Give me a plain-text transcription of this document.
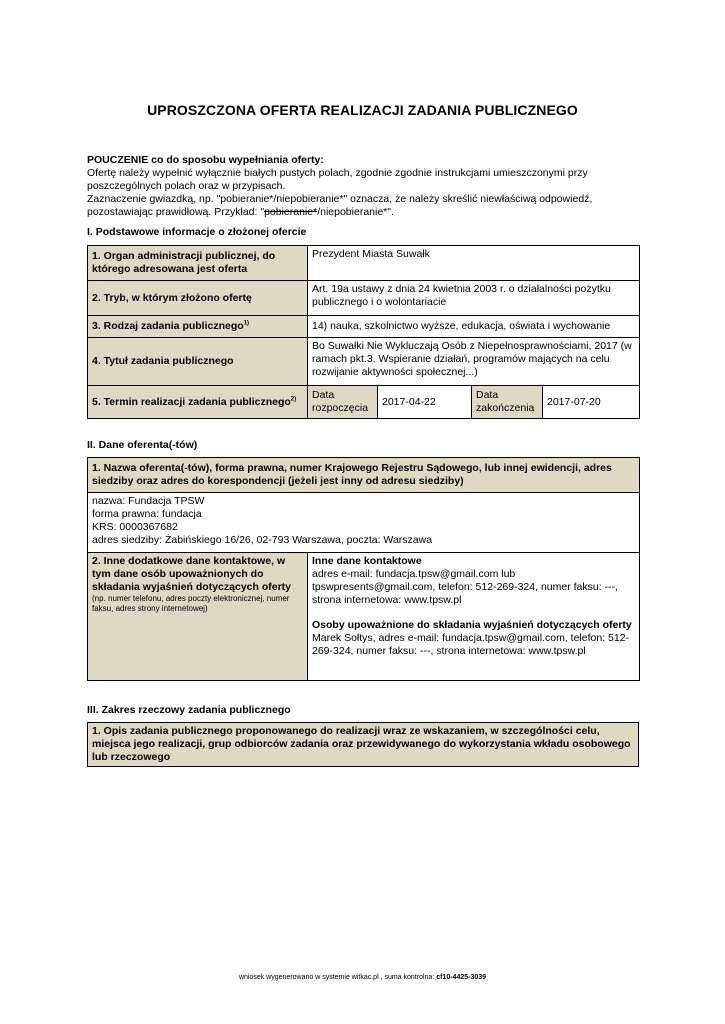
UPROSZCZONA OFERTA REALIZACJI ZADANIA PUBLICZNEGO

POUCZENIE co do sposobu wypełniania oferty:

Ofertę należy wypełnić wyłącznie białych pustych polach, zgodnie zgodnie instrukcjami umieszczonymi przy poszczególnych polach oraz w przypisach.

Zaznaczenie gwiazdką, np. "pobieranie*/niepobieranie*" oznacza, że należy skreślić niewłaściwą odpowiedź, pozostawiając prawidłową. Przykład: "pobieranie*/niepobieranie*".

I. Podstawowe informacje o złożonej ofercie

1. Organ administracji publicznej, do którego adresowana jest oferta	Prezydent Miasta Suwałk			
2. Tryb, w którym złożono ofertę	Art. 19a ustawy z dnia 24 kwietnia 2003 r. o działalności pożytku publicznego i o wolontariacie			
3. Rodzaj zadania publicznego$^{1)}$	14) nauka, szkolnictwo wyższe, edukacja, oświata i wychowanie			
4. Tytuł zadania publicznego	Bo Suwałki Nie Wykluczają Osób z Niepełnosprawnościami, 2017 (w ramach pkt.3. Wspieranie działań, programów mających na celu rozwijanie aktywności społecznej...)			
5. Termin realizacji zadania publicznego$^{2)}$	Data rozpoczęcia	2017-04-22	Data zakończenia	2017-07-20

II. Dane oferenta(-tów)

1. Nazwa oferenta(-tów), forma prawna, numer Krajowego Rejestru Sądowego, lub innej ewidencji, adres siedziby oraz adres do korespondencji (jeżeli jest inny od adresu siedziby)

nazwa: Fundacja TPSW
forma prawna: fundacja
KRS: 0000367682
adres siedziby: Żabińskiego 16/26, 02-793 Warszawa, poczta: Warszawa

2. Inne dodatkowe dane kontaktowe, w tym dane osób upoważnionych do składania wyjaśnień dotyczących oferty
(np. numer telefonu, adres poczty elektronicznej, numer faksu, adres strony internetowej)

Inne dane kontaktowe
adres e-mail: fundacja.tpsw@gmail.com lub tpswpresents@gmail.com, telefon: 512-269-324, numer faksu: ---, strona internetowa: www.tpsw.pl
Osoby upoważnione do składania wyjaśnień dotyczących oferty
Marek Sołtys, adres e-mail: fundacja.tpsw@gmail.com, telefon: 512-269-324, numer faksu: ---, strona internetowa: www.tpsw.pl

III. Zakres rzeczowy zadania publicznego

1. Opis zadania publicznego proponowanego do realizacji wraz ze wskazaniem, w szczególności celu, miejsca jego realizacji, grup odbiorców zadania oraz przewidywanego do wykorzystania wkładu osobowego lub rzeczowego
wniosek wygenerowano w systemie witkac.pl , suma kontrolna: cf10-4425-3039
